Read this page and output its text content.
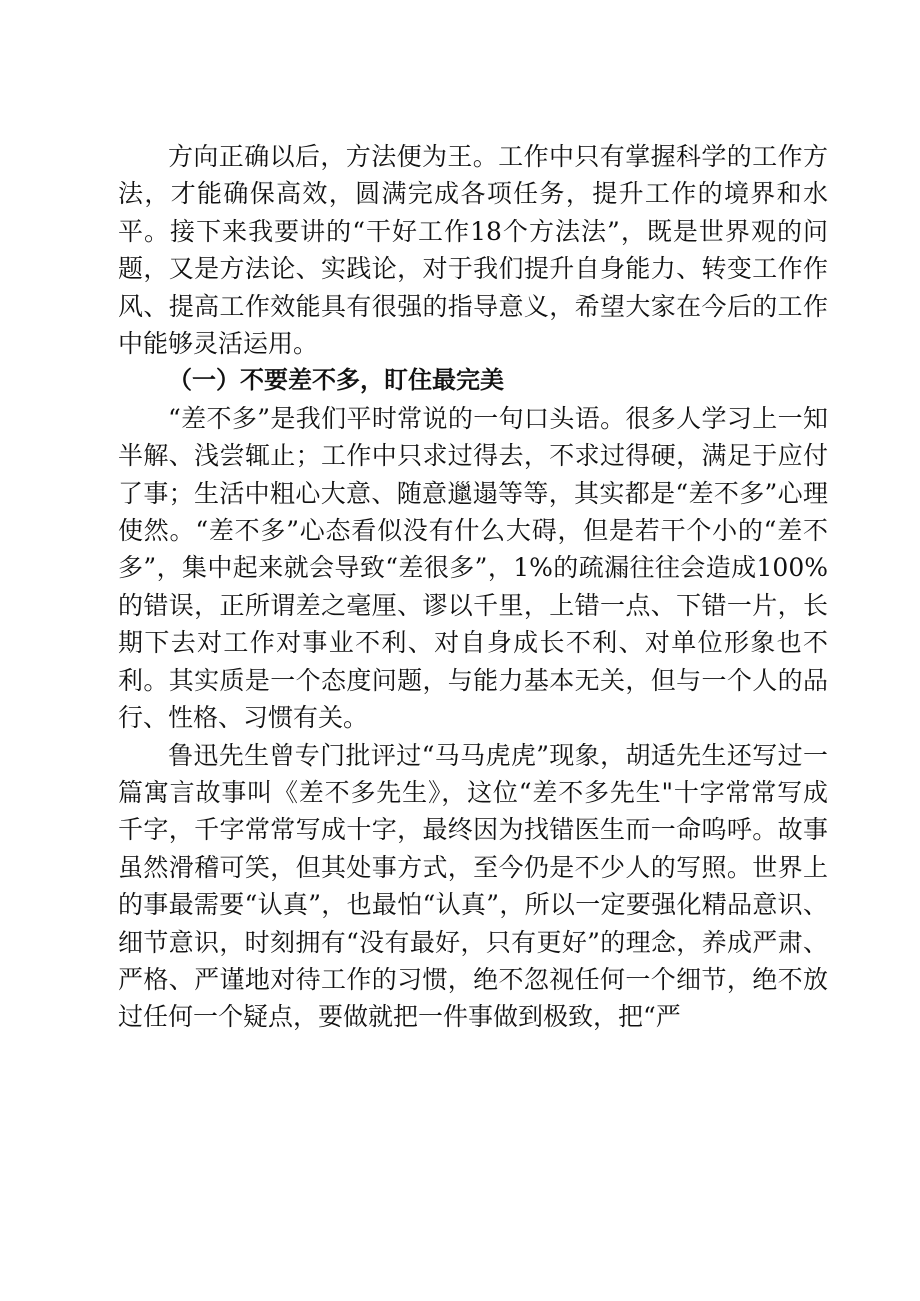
方向正确以后，方法便为王。工作中只有掌握科学的工作方法，才能确保高效，圆满完成各项任务，提升工作的境界和水平。接下来我要讲的“干好工作18个方法法”，既是世界观的问题，又是方法论、实践论，对于我们提升自身能力、转变工作作风、提高工作效能具有很强的指导意义，希望大家在今后的工作中能够灵活运用。

（一）不要差不多，盯住最完美

“差不多”是我们平时常说的一句口头语。很多人学习上一知半解、浅尝辄止；工作中只求过得去，不求过得硬，满足于应付了事；生活中粗心大意、随意邋遢等等，其实都是“差不多”心理使然。“差不多”心态看似没有什么大碍，但是若干个小的“差不多”，集中起来就会导致“差很多”，1%的疏漏往往会造成100%的错误，正所谓差之毫厘、谬以千里，上错一点、下错一片，长期下去对工作对事业不利、对自身成长不利、对单位形象也不利。其实质是一个态度问题，与能力基本无关，但与一个人的品行、性格、习惯有关。

鲁迅先生曾专门批评过“马马虎虎”现象，胡适先生还写过一篇寓言故事叫《差不多先生》，这位“差不多先生"十字常常写成千字，千字常常写成十字，最终因为找错医生而一命呜呼。故事虽然滑稽可笑，但其处事方式，至今仍是不少人的写照。世界上的事最需要“认真”，也最怕“认真”，所以一定要强化精品意识、细节意识，时刻拥有“没有最好，只有更好”的理念，养成严肃、严格、严谨地对待工作的习惯，绝不忽视任何一个细节，绝不放过任何一个疑点，要做就把一件事做到极致，把“严
